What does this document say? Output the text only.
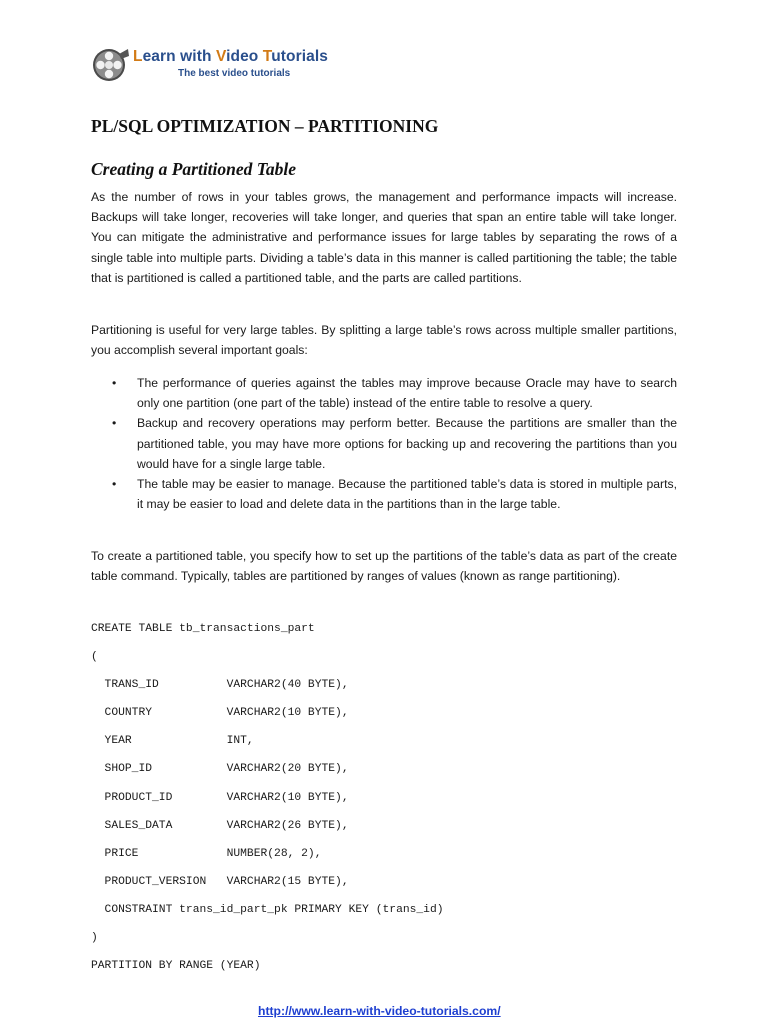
Learn with Video Tutorials
The best video tutorials
PL/SQL OPTIMIZATION – PARTITIONING
Creating a Partitioned Table

As the number of rows in your tables grows, the management and performance impacts will increase. Backups will take longer, recoveries will take longer, and queries that span an entire table will take longer. You can mitigate the administrative and performance issues for large tables by separating the rows of a single table into multiple parts. Dividing a table’s data in this manner is called partitioning the table; the table that is partitioned is called a partitioned table, and the parts are called partitions.

Partitioning is useful for very large tables. By splitting a large table’s rows across multiple smaller partitions, you accomplish several important goals:

• The performance of queries against the tables may improve because Oracle may have to search only one partition (one part of the table) instead of the entire table to resolve a query.
• Backup and recovery operations may perform better. Because the partitions are smaller than the partitioned table, you may have more options for backing up and recovering the partitions than you would have for a single large table.
• The table may be easier to manage. Because the partitioned table’s data is stored in multiple parts, it may be easier to load and delete data in the partitions than in the large table.

To create a partitioned table, you specify how to set up the partitions of the table’s data as part of the create table command. Typically, tables are partitioned by ranges of values (known as range partitioning).

CREATE TABLE tb_transactions_part
(
TRANS_ID          VARCHAR2(40 BYTE),
COUNTRY           VARCHAR2(10 BYTE),
YEAR              INT,
SHOP_ID           VARCHAR2(20 BYTE),
PRODUCT_ID        VARCHAR2(10 BYTE),
SALES_DATA        VARCHAR2(26 BYTE),
PRICE             NUMBER(28, 2),
PRODUCT_VERSION   VARCHAR2(15 BYTE),
CONSTRAINT trans_id_part_pk PRIMARY KEY (trans_id)
)
PARTITION BY RANGE (YEAR)
http://www.learn-with-video-tutorials.com/
